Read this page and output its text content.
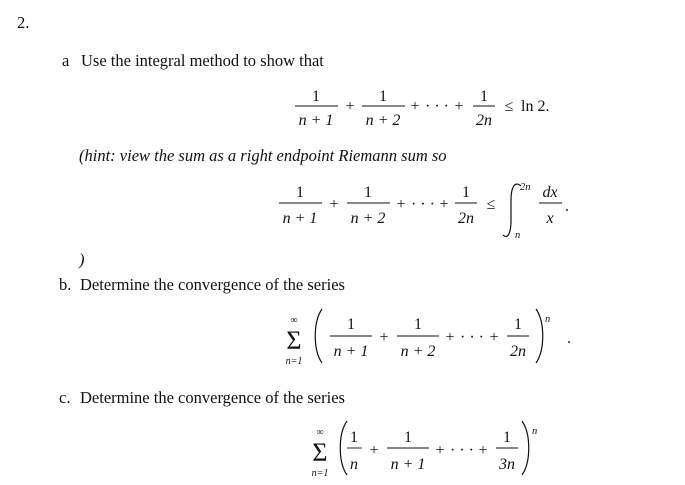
2.
a Use the integral method to show that
(hint: view the sum as a right endpoint Riemann sum so
)
b. Determine the convergence of the series
c. Determine the convergence of the series
1
n + 1
+
1
n + 2
+ · · · +
1
2n
≤ ln 2.
1
n + 1
+
1
n + 2
+ · · · +
1
2n
≤
2n
n
dx
x
.
∞
Σ
n=1
1
n + 1
+
1
n + 2
+ · · · +
1
2n
n
.
∞
Σ
n=1
1
n
+
1
n + 1
+ · · · +
1
3n
n
